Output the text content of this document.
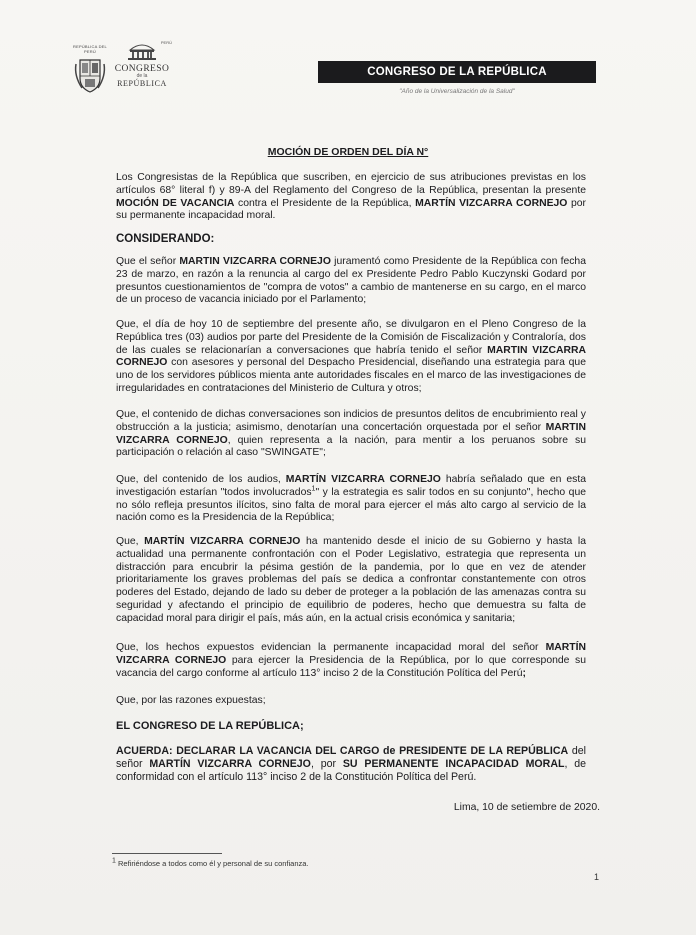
REPÚBLICA DEL PERÚ
PERÚ
CONGRESO
de la
REPÚBLICA
CONGRESO DE LA REPÚBLICA
"Año de la Universalización de la Salud"
MOCIÓN DE ORDEN DEL DÍA N°
Los Congresistas de la República que suscriben, en ejercicio de sus atribuciones previstas en los artículos 68° literal f) y 89-A del Reglamento del Congreso de la República, presentan la presente MOCIÓN DE VACANCIA contra el Presidente de la República, MARTÍN VIZCARRA CORNEJO por su permanente incapacidad moral.
CONSIDERANDO:
Que el señor MARTIN VIZCARRA CORNEJO juramentó como Presidente de la República con fecha 23 de marzo, en razón a la renuncia al cargo del ex Presidente Pedro Pablo Kuczynski Godard por presuntos cuestionamientos de "compra de votos" a cambio de mantenerse en su cargo, en el marco de un proceso de vacancia iniciado por el Parlamento;
Que, el día de hoy 10 de septiembre del presente año, se divulgaron en el Pleno Congreso de la República tres (03) audios por parte del Presidente de la Comisión de Fiscalización y Contraloría, dos de las cuales se relacionarían a conversaciones que habría tenido el señor MARTIN VIZCARRA CORNEJO con asesores y personal del Despacho Presidencial, diseñando una estrategia para que uno de los servidores públicos mienta ante autoridades fiscales en el marco de las investigaciones de irregularidades en contrataciones del Ministerio de Cultura y otros;
Que, el contenido de dichas conversaciones son indicios de presuntos delitos de encubrimiento real y obstrucción a la justicia; asimismo, denotarían una concertación orquestada por el señor MARTIN VIZCARRA CORNEJO, quien representa a la nación, para mentir a los peruanos sobre su participación o relación al caso "SWINGATE";
Que, del contenido de los audios, MARTÍN VIZCARRA CORNEJO habría señalado que en esta investigación estarían "todos involucrados$^1$" y la estrategia es salir todos en su conjunto", hecho que no sólo refleja presuntos ilícitos, sino falta de moral para ejercer el más alto cargo al servicio de la nación como es la Presidencia de la República;
Que, MARTÍN VIZCARRA CORNEJO ha mantenido desde el inicio de su Gobierno y hasta la actualidad una permanente confrontación con el Poder Legislativo, estrategia que representa un distracción para encubrir la pésima gestión de la pandemia, por lo que en vez de atender prioritariamente los graves problemas del país se dedica a confrontar constantemente con otros poderes del Estado, dejando de lado su deber de proteger a la población de las amenazas contra su seguridad y afectando el principio de equilibrio de poderes, hecho que demuestra su falta de capacidad moral para dirigir el país, más aún, en la actual crisis económica y sanitaria;
Que, los hechos expuestos evidencian la permanente incapacidad moral del señor MARTÍN VIZCARRA CORNEJO para ejercer la Presidencia de la República, por lo que corresponde su vacancia del cargo conforme al artículo 113° inciso 2 de la Constitución Política del Perú;
Que, por las razones expuestas;
EL CONGRESO DE LA REPÚBLICA;
ACUERDA: DECLARAR LA VACANCIA DEL CARGO de PRESIDENTE DE LA REPÚBLICA del señor MARTÍN VIZCARRA CORNEJO, por SU PERMANENTE INCAPACIDAD MORAL, de conformidad con el artículo 113° inciso 2 de la Constitución Política del Perú.
Lima, 10 de setiembre de 2020.
1 Refiriéndose a todos como él y personal de su confianza.
1
